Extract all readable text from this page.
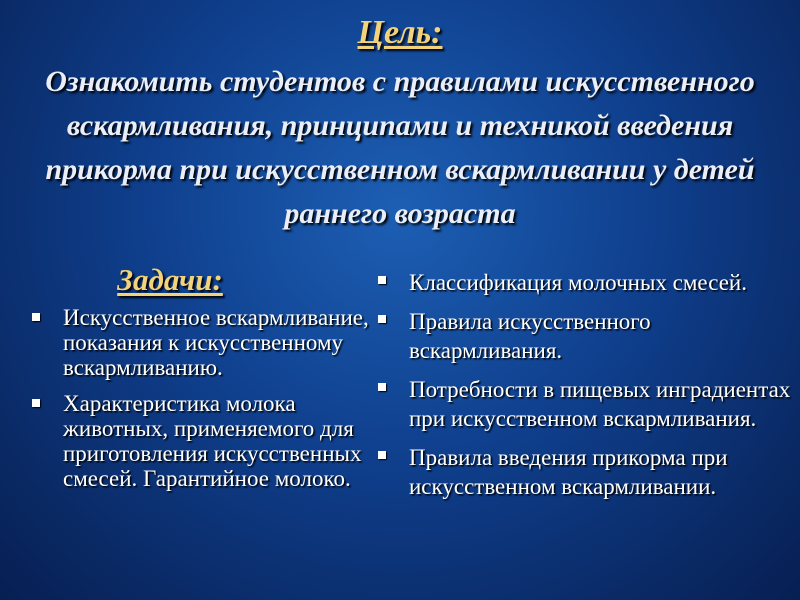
Цель:
Ознакомить студентов с правилами искусственного вскармливания, принципами и техникой введения прикорма при искусственном вскармливании у детей раннего возраста
Задачи:
Искусственное вскармливание, показания к искусственному вскармливанию.
Характеристика молока животных, применяемого для приготовления искусственных смесей. Гарантийное молоко.
Классификация молочных смесей.
Правила искусственного вскармливания.
Потребности в пищевых ингрaдиентах при искусственном вскармливания.
Правила введения прикорма при искусственном вскармливании.
